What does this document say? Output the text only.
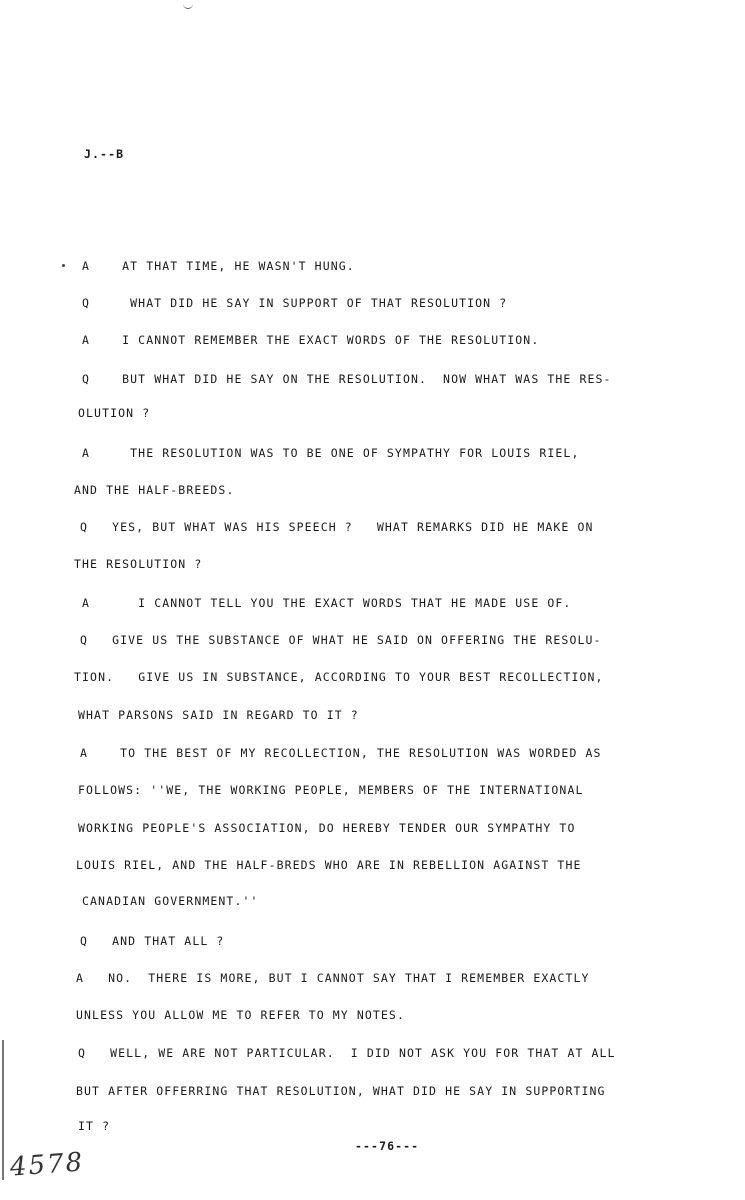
J.--B
A    AT THAT TIME, HE WASN'T HUNG.
Q     WHAT DID HE SAY IN SUPPORT OF THAT RESOLUTION ?
A    I CANNOT REMEMBER THE EXACT WORDS OF THE RESOLUTION.
Q    BUT WHAT DID HE SAY ON THE RESOLUTION.  NOW WHAT WAS THE RES-
OLUTION ?
A     THE RESOLUTION WAS TO BE ONE OF SYMPATHY FOR LOUIS RIEL,
AND THE HALF-BREEDS.
Q   YES, BUT WHAT WAS HIS SPEECH ?   WHAT REMARKS DID HE MAKE ON
THE RESOLUTION ?
A      I CANNOT TELL YOU THE EXACT WORDS THAT HE MADE USE OF.
Q   GIVE US THE SUBSTANCE OF WHAT HE SAID ON OFFERING THE RESOLU-
TION.   GIVE US IN SUBSTANCE, ACCORDING TO YOUR BEST RECOLLECTION,
WHAT PARSONS SAID IN REGARD TO IT ?
A    TO THE BEST OF MY RECOLLECTION, THE RESOLUTION WAS WORDED AS
FOLLOWS: ''WE, THE WORKING PEOPLE, MEMBERS OF THE INTERNATIONAL
WORKING PEOPLE'S ASSOCIATION, DO HEREBY TENDER OUR SYMPATHY TO
LOUIS RIEL, AND THE HALF-BREDS WHO ARE IN REBELLION AGAINST THE
CANADIAN GOVERNMENT.''
Q   AND THAT ALL ?
A   NO.  THERE IS MORE, BUT I CANNOT SAY THAT I REMEMBER EXACTLY
UNLESS YOU ALLOW ME TO REFER TO MY NOTES.
Q   WELL, WE ARE NOT PARTICULAR.  I DID NOT ASK YOU FOR THAT AT ALL
BUT AFTER OFFERRING THAT RESOLUTION, WHAT DID HE SAY IN SUPPORTING
IT ?
---76---
4578
